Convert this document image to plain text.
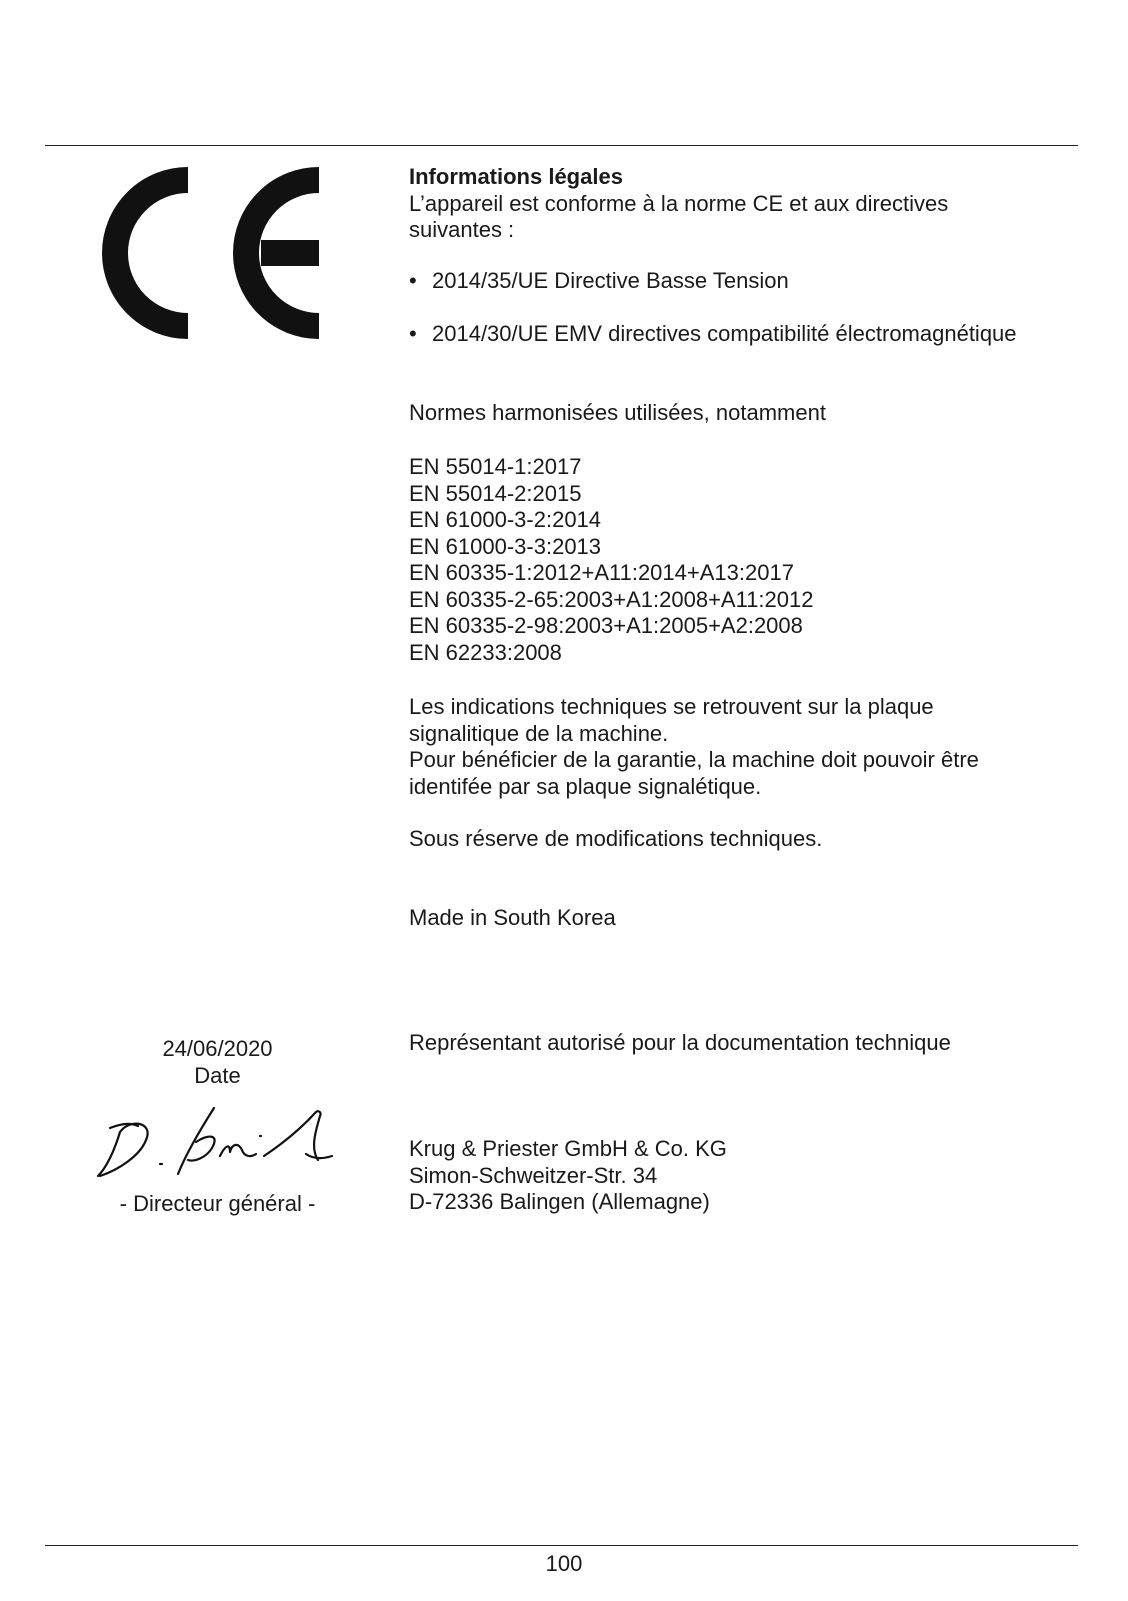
Informations légales

L’appareil est conforme à la norme CE et aux directives suivantes :

• 2014/35/UE Directive Basse Tension
• 2014/30/UE EMV directives compatibilité électromagnétique

Normes harmonisées utilisées, notamment

EN 55014-1:2017
EN 55014-2:2015
EN 61000-3-2:2014
EN 61000-3-3:2013
EN 60335-1:2012+A11:2014+A13:2017
EN 60335-2-65:2003+A1:2008+A11:2012
EN 60335-2-98:2003+A1:2005+A2:2008
EN 62233:2008

Les indications techniques se retrouvent sur la plaque signalitique de la machine.

Pour bénéficier de la garantie, la machine doit pouvoir être identifée par sa plaque signalétique.

Sous réserve de modifications techniques.

Made in South Korea

24/06/2020
Date
- Directeur général -

Représentant autorisé pour la documentation technique

Krug & Priester GmbH & Co. KG
Simon-Schweitzer-Str. 34
D-72336 Balingen (Allemagne)
100
